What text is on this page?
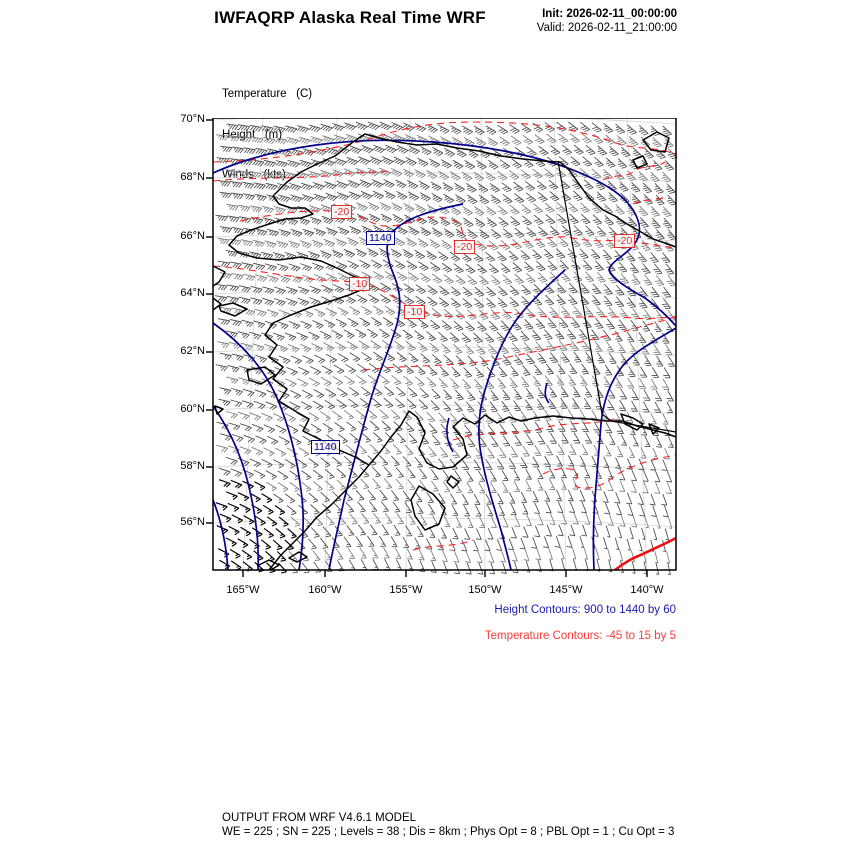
IWFAQRP Alaska Real Time WRF	Init: 2026-02-11_00:00:00
Valid: 2026-02-11_21:00:00

Temperature   (C)

Height   (m)

Winds   (kts)

70°N
68°N
66°N
64°N
62°N
60°N
58°N
56°N
165°W	160°W	155°W	150°W	145°W	140°W
-20
1140
-20	-20
-10
-10
1140
Height Contours: 900 to 1440 by 60
Temperature Contours: -45 to 15 by 5
OUTPUT FROM WRF V4.6.1 MODEL
WE = 225 ; SN = 225 ; Levels = 38 ; Dis = 8km ; Phys Opt = 8 ; PBL Opt = 1 ; Cu Opt = 3
